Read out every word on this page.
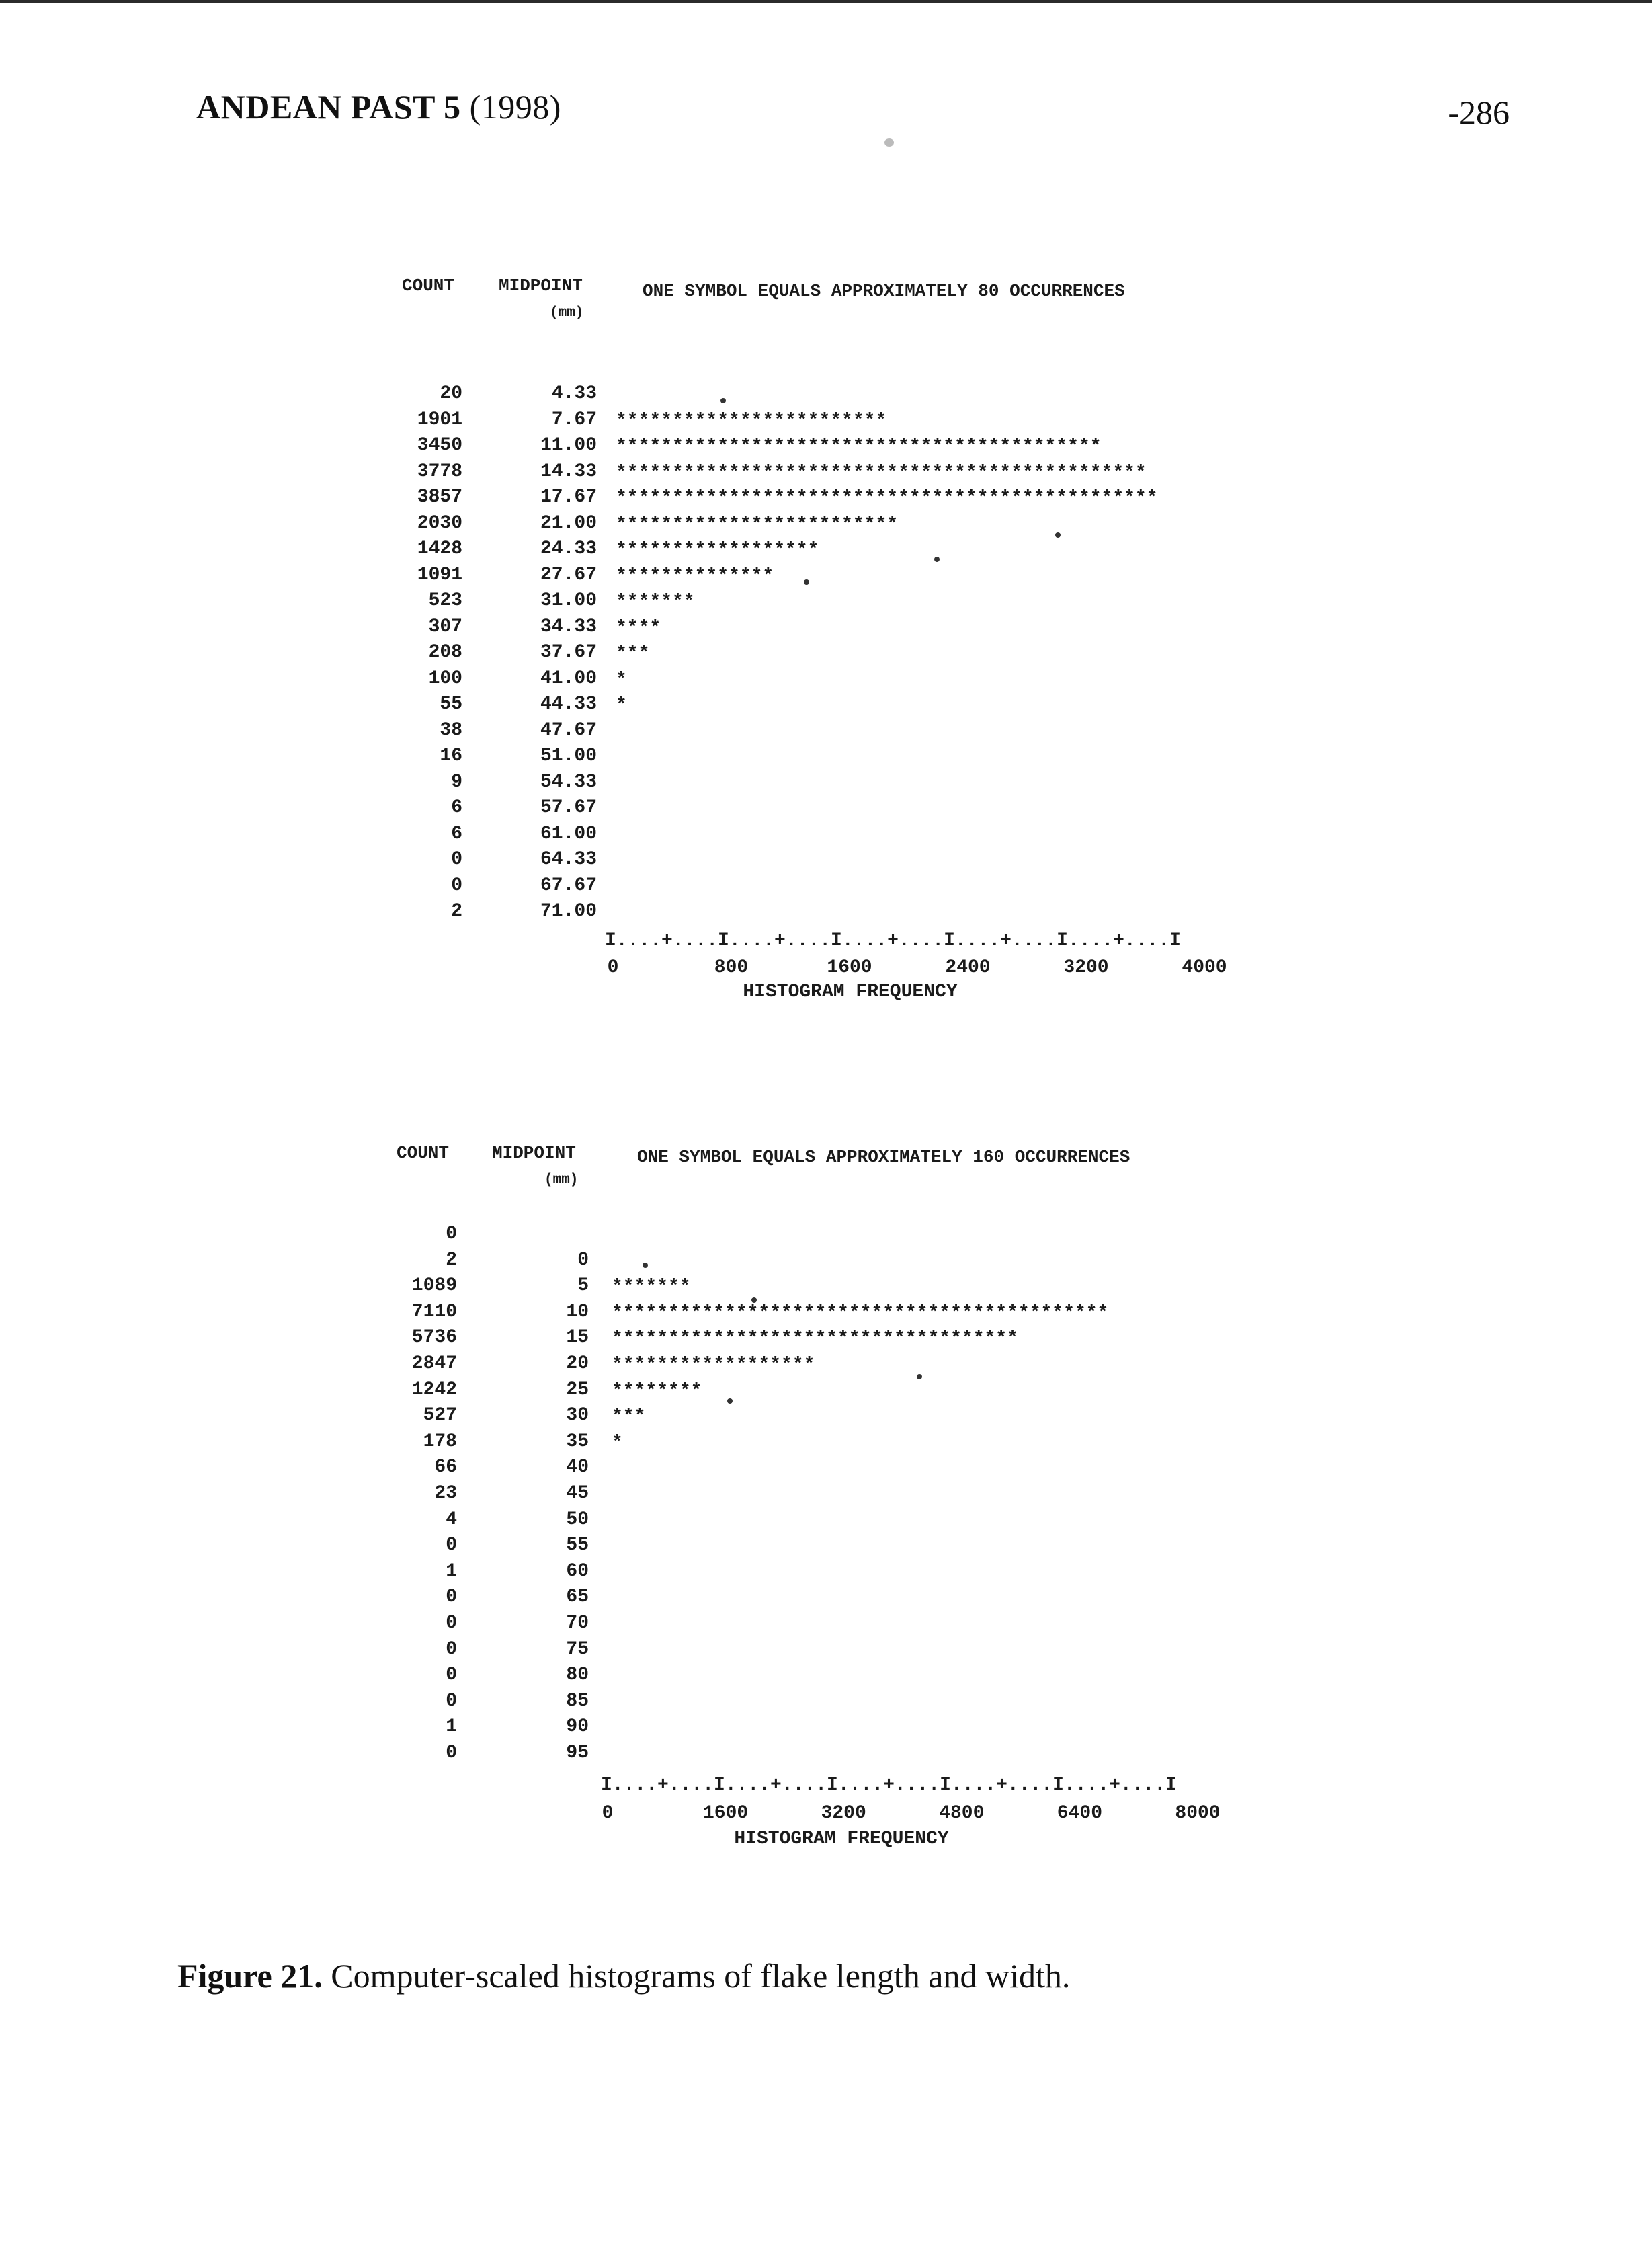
ANDEAN PAST 5 (1998)	-286
COUNT	MIDPOINT
(mm)
ONE SYMBOL EQUALS APPROXIMATELY 80 OCCURRENCES
20	4.33
1901	7.67 ************************
3450	11.00 *******************************************
3778	14.33 ***********************************************
3857	17.67 ************************************************
2030	21.00 *************************
1428	24.33 ******************
1091	27.67 **************
523	31.00 *******
307	34.33 ****
208	37.67 ***
100	41.00 *
55	44.33 *
38	47.67
16	51.00
9	54.33
6	57.67
6	61.00
0	64.33
0	67.67
2	71.00
I....+....I....+....I....+....I....+....I....+....I
0	800	1600	2400	3200	4000
HISTOGRAM FREQUENCY
COUNT MIDPOINT
(mm)
ONE SYMBOL EQUALS APPROXIMATELY 160 OCCURRENCES
0
2	0
1089	5 *******
7110	10 ********************************************
5736	15 ************************************
2847	20 ******************
1242	25 ********
527	30 ***
178	35 *
66	40
23	45
4	50
0	55
1	60
0	65
0	70
0	75
0	80
0	85
1	90
0	95
I....+....I....+....I....+....I....+....I....+....I
0	1600	3200	4800	6400	8000
HISTOGRAM FREQUENCY
Figure 21. Computer-scaled histograms of flake length and width.
